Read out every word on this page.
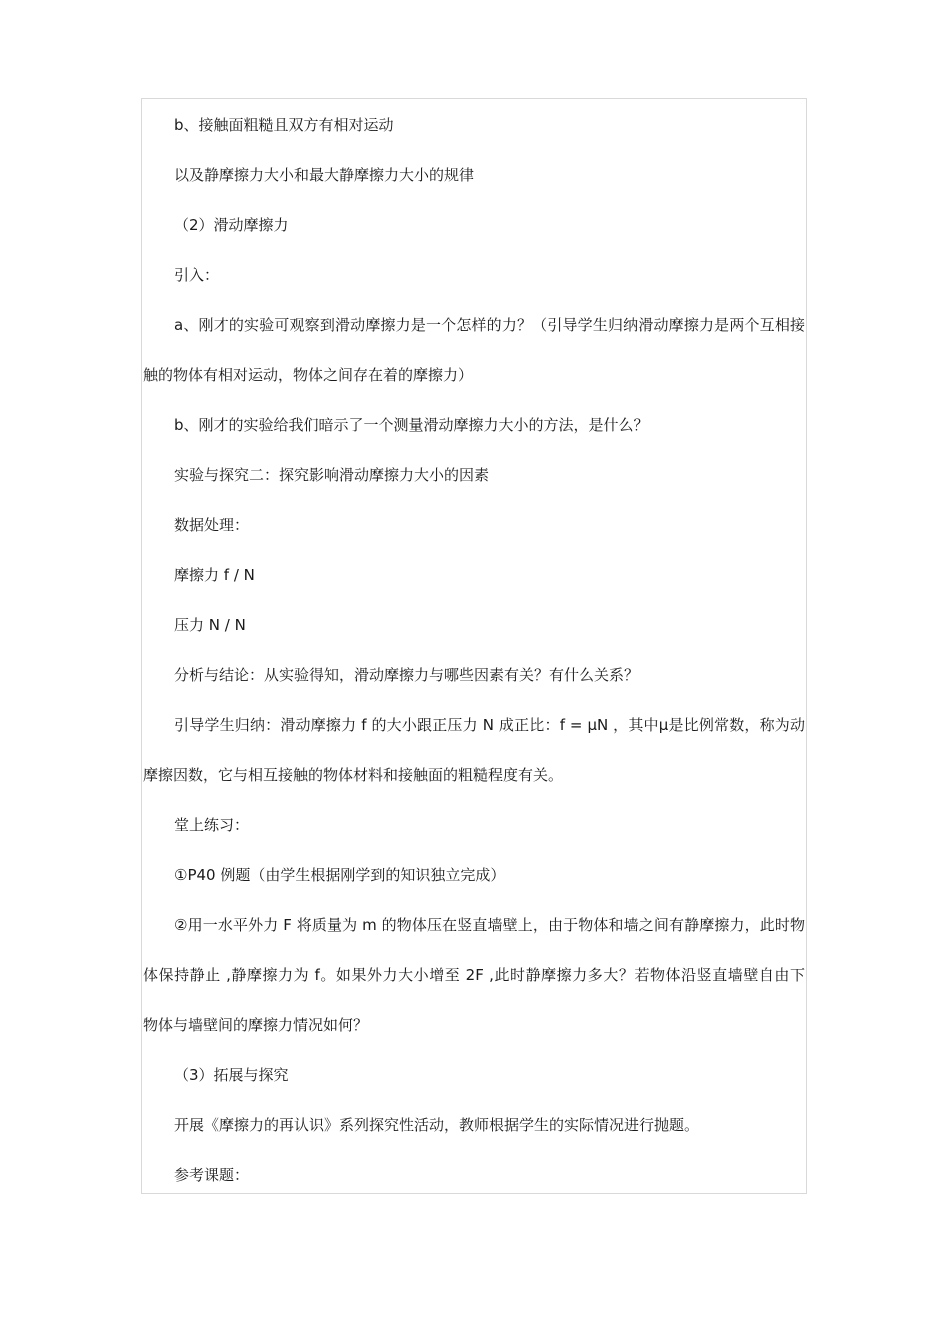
b、接触面粗糙且双方有相对运动
以及静摩擦力大小和最大静摩擦力大小的规律
（2）滑动摩擦力
引入：
a、刚才的实验可观察到滑动摩擦力是一个怎样的力？（引导学生归纳滑动摩擦力是两个互相接
触的物体有相对运动，物体之间存在着的摩擦力）
b、刚才的实验给我们暗示了一个测量滑动摩擦力大小的方法，是什么？
实验与探究二：探究影响滑动摩擦力大小的因素
数据处理：
摩擦力 f / N
压力 N / N
分析与结论：从实验得知，滑动摩擦力与哪些因素有关？有什么关系？
引导学生归纳：滑动摩擦力 f 的大小跟正压力 N 成正比：f = μN ，其中μ是比例常数，称为动
摩擦因数，它与相互接触的物体材料和接触面的粗糙程度有关。
堂上练习：
①P40 例题（由学生根据刚学到的知识独立完成）
②用一水平外力 F 将质量为 m 的物体压在竖直墙壁上，由于物体和墙之间有静摩擦力，此时物
体保持静止 ,静摩擦力为 f。如果外力大小增至 2F ,此时静摩擦力多大？若物体沿竖直墙壁自由下
物体与墙壁间的摩擦力情况如何？
（3）拓展与探究
开展《摩擦力的再认识》系列探究性活动，教师根据学生的实际情况进行抛题。
参考课题：
